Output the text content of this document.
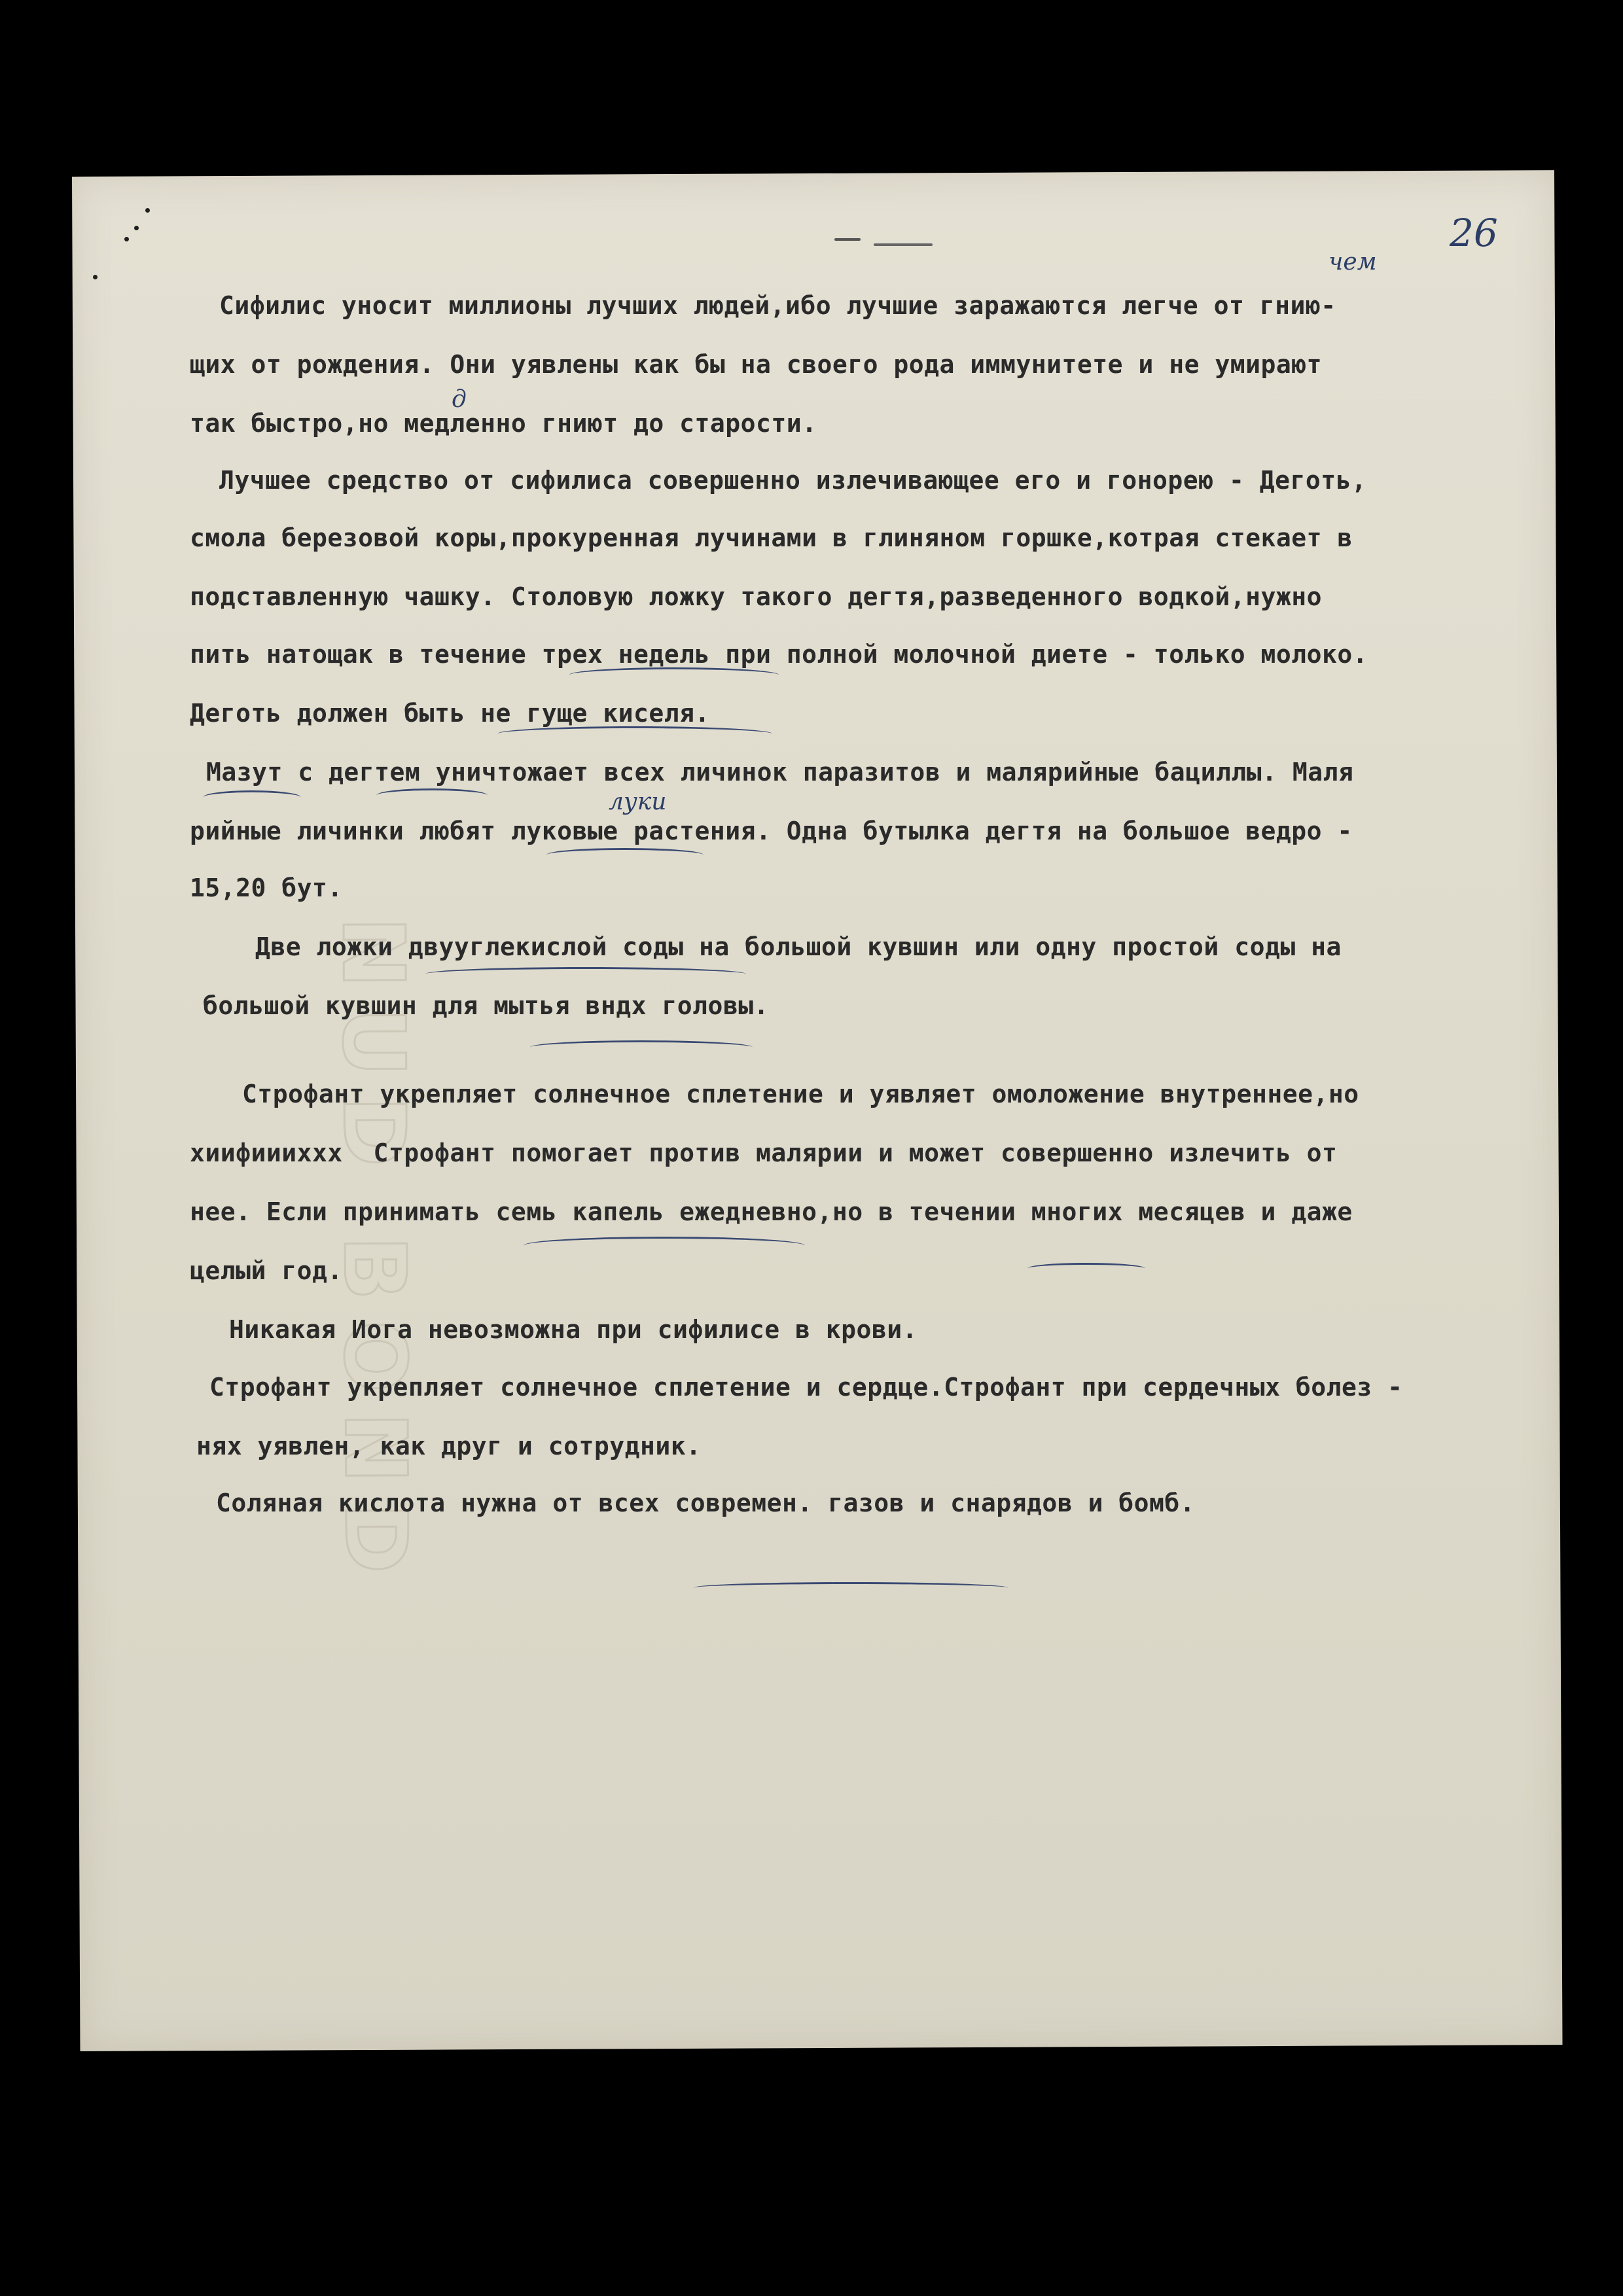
NUD BOND
26

Сифилис уносит миллионы лучших людей,ибо лучшие заражаются легче от гнию-

щих от рождения. Они уявлены как бы на своего рода иммунитете и не умирают

так быстро,но медленно гниют до старости.

Лучшее средство от сифилиса совершенно излечивающее его и гонорею - Деготь,

смола березовой коры,прокуренная лучинами в глиняном горшке,котрая стекает в

подставленную чашку. Столовую ложку такого дегтя,разведенного водкой,нужно

пить натощак в течение трех недель при полной молочной диете - только молоко.

Деготь должен быть не гуще киселя.

Мазут с дегтем уничтожает всех личинок паразитов и малярийные бациллы. Маля

рийные личинки любят луковые растения. Одна бутылка дегтя на большое ведро -

15,20 бут.

Две ложки двууглекислой соды на большой кувшин или одну простой соды на

большой кувшин для мытья вндх головы.

Строфант укрепляет солнечное сплетение и уявляет омоложение внутреннее,но

хиифиииххх  Строфант помогает против малярии и может совершенно излечить от

нее. Если принимать семь капель ежедневно,но в течении многих месяцев и даже

целый год.

Никакая Иога невозможна при сифилисе в крови.

Строфант укрепляет солнечное сплетение и сердце.Строфант при сердечных болез -

нях уявлен, как друг и сотрудник.

Соляная кислота нужна от всех современ. газов и снарядов и бомб.

чем
д
луки
